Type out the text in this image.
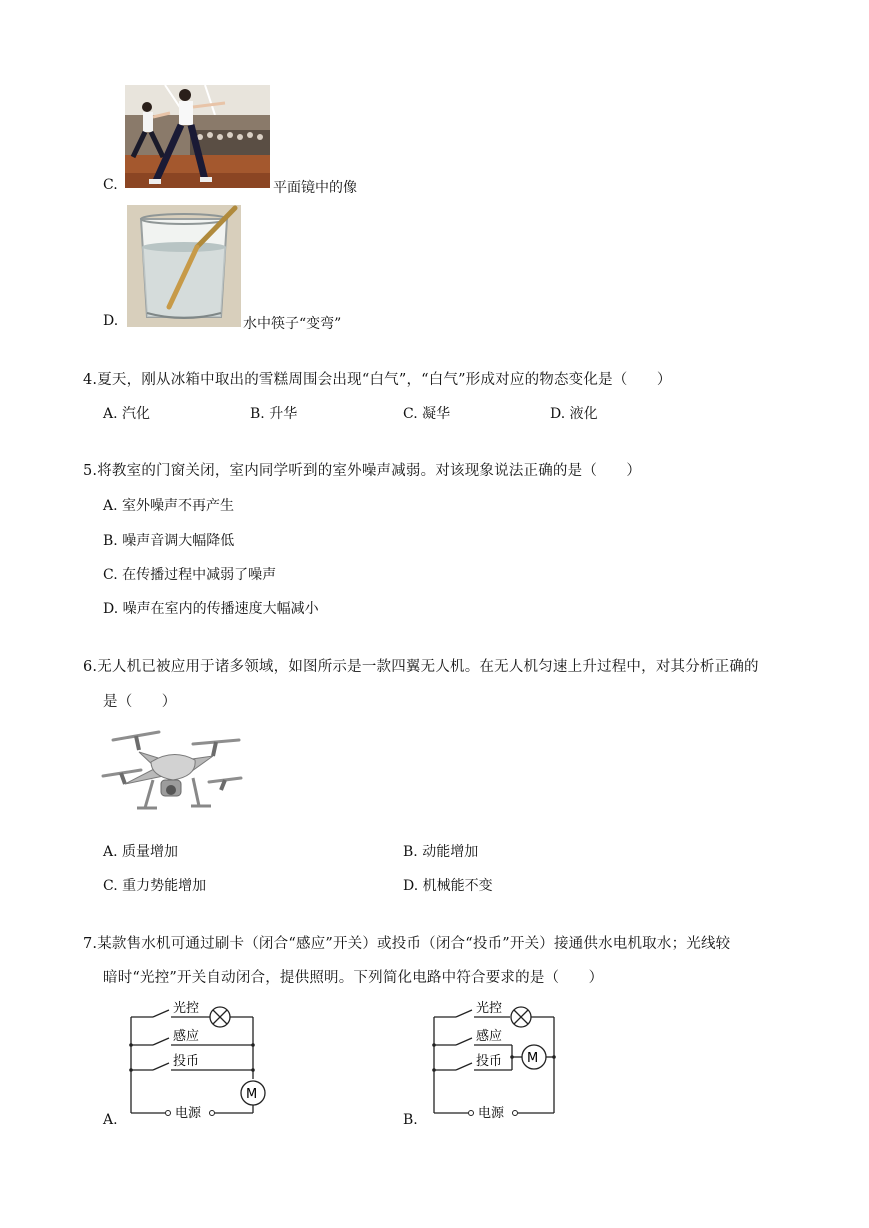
C.	平面镜中的像
D.	水中筷子“变弯”
4.夏天，刚从冰箱中取出的雪糕周围会出现“白气”，“白气”形成对应的物态变化是（　　）
A. 汽化	B. 升华	C. 凝华	D. 液化
5.将教室的门窗关闭，室内同学听到的室外噪声减弱。对该现象说法正确的是（　　）
A. 室外噪声不再产生
B. 噪声音调大幅降低
C. 在传播过程中减弱了噪声
D. 噪声在室内的传播速度大幅减小
6.无人机已被应用于诸多领域，如图所示是一款四翼无人机。在无人机匀速上升过程中，对其分析正确的
是（　　）
A. 质量增加	B. 动能增加
C. 重力势能增加	D. 机械能不变
7.某款售水机可通过刷卡（闭合“感应”开关）或投币（闭合“投币”开关）接通供水电机取水；光线较
暗时“光控”开关自动闭合，提供照明。下列简化电路中符合要求的是（　　）
光控
感应
投币
M
电源
A.
光控
感应
投币 M
电源
B.
